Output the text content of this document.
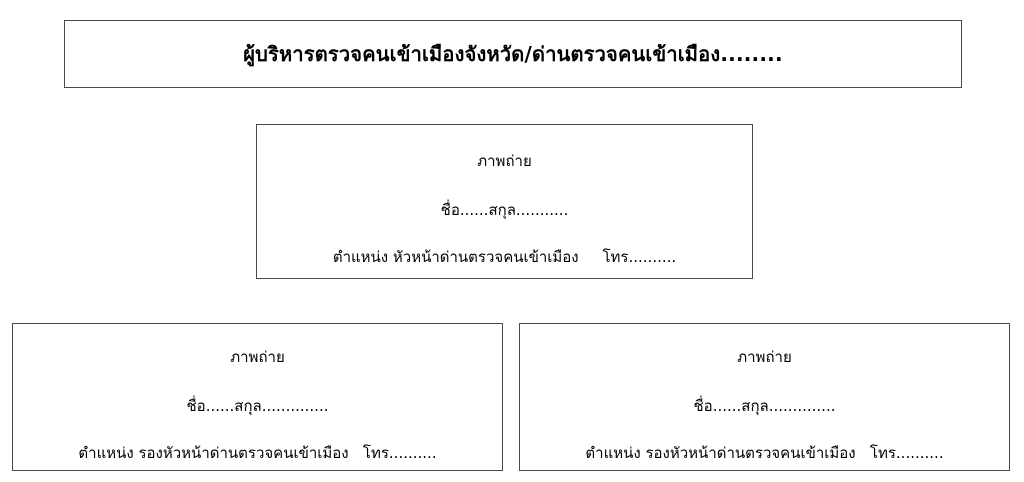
ผู้บริหารตรวจคนเข้าเมืองจังหวัด/ด่านตรวจคนเข้าเมือง........
ภาพถ่าย
ชื่อ......สกุล...........
ตำแหน่ง หัวหน้าด่านตรวจคนเข้าเมือง     โทร..........
ภาพถ่าย
ชื่อ......สกุล..............
ตำแหน่ง รองหัวหน้าด่านตรวจคนเข้าเมือง   โทร..........
ภาพถ่าย
ชื่อ......สกุล..............
ตำแหน่ง รองหัวหน้าด่านตรวจคนเข้าเมือง   โทร..........
